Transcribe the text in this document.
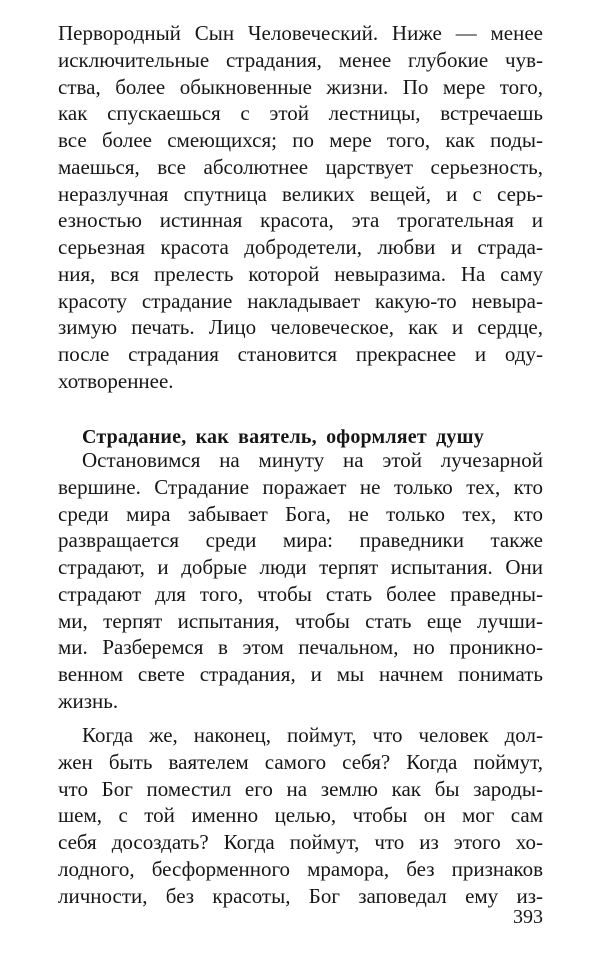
Первородный Сын Человеческий. Ниже — менее
исключительные страдания, менее глубокие чув-
ства, более обыкновенные жизни. По мере того,
как спускаешься с этой лестницы, встречаешь
все более смеющихся; по мере того, как поды-
маешься, все абсолютнее царствует серьезность,
неразлучная спутница великих вещей, и с серь-
езностью истинная красота, эта трогательная и
серьезная красота добродетели, любви и страда-
ния, вся прелесть которой невыразима. На саму
красоту страдание накладывает какую-то невыра-
зимую печать. Лицо человеческое, как и сердце,
после страдания становится прекраснее и оду-
хотвореннее.
Страдание, как ваятель, оформляет душу
Остановимся на минуту на этой лучезарной
вершине. Страдание поражает не только тех, кто
среди мира забывает Бога, не только тех, кто
развращается среди мира: праведники также
страдают, и добрые люди терпят испытания. Они
страдают для того, чтобы стать более праведны-
ми, терпят испытания, чтобы стать еще лучши-
ми. Разберемся в этом печальном, но проникно-
венном свете страдания, и мы начнем понимать
жизнь.
Когда же, наконец, поймут, что человек дол-
жен быть ваятелем самого себя? Когда поймут,
что Бог поместил его на землю как бы зароды-
шем, с той именно целью, чтобы он мог сам
себя досоздать? Когда поймут, что из этого хо-
лодного, бесформенного мрамора, без признаков
личности, без красоты, Бог заповедал ему из-
393
